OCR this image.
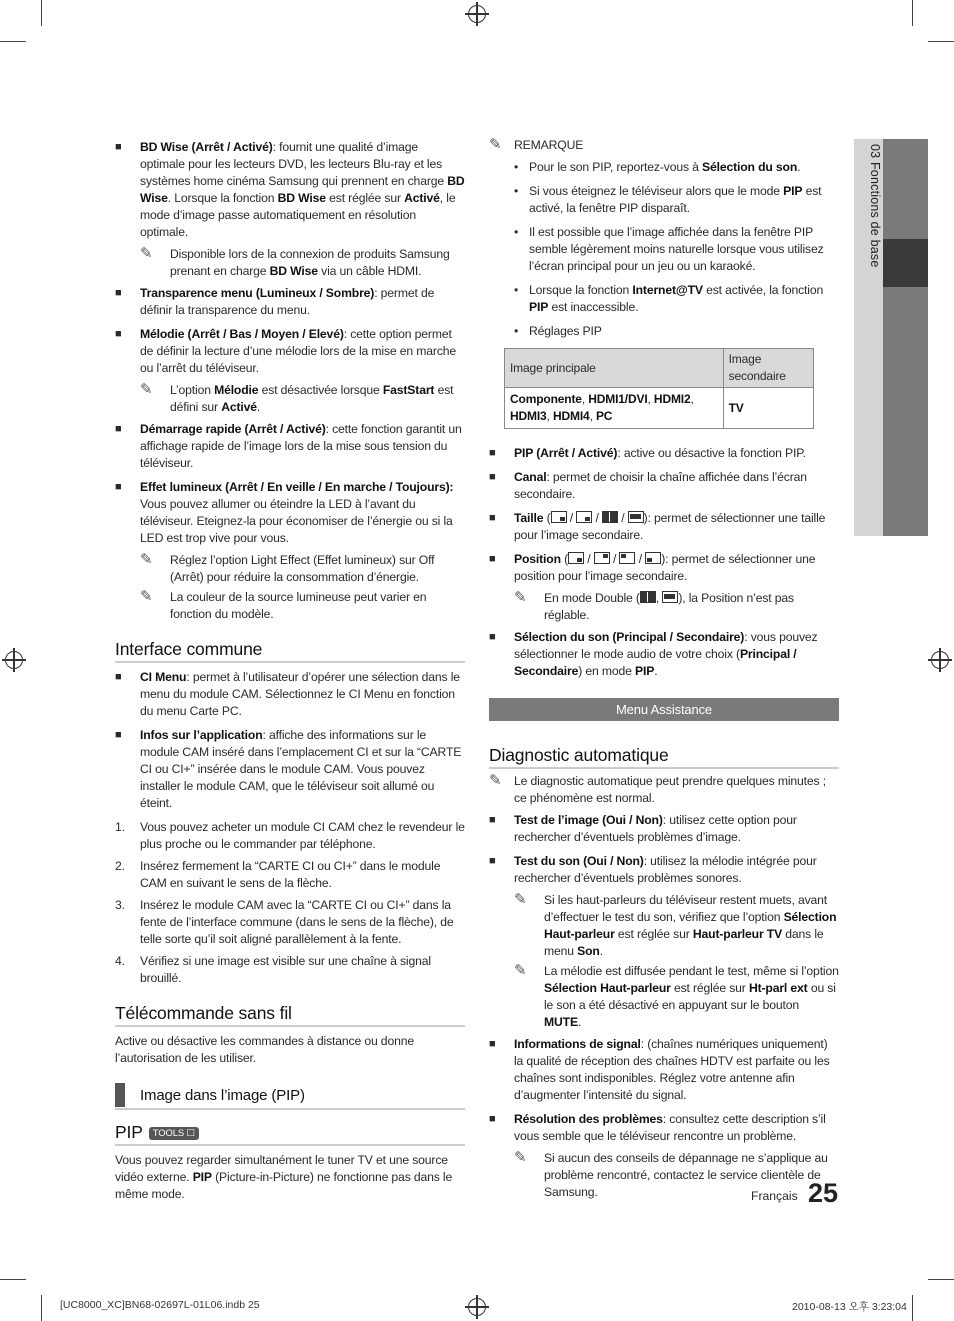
03 Fonctions de base
■ BD Wise (Arrêt / Activé): fournit une qualité d’image optimale pour les lecteurs DVD, les lecteurs Blu-ray et les systèmes home cinéma Samsung qui prennent en charge BD Wise. Lorsque la fonction BD Wise est réglée sur Activé, le mode d’image passe automatiquement en résolution optimale.
✎ Disponible lors de la connexion de produits Samsung prenant en charge BD Wise via un câble HDMI.
■ Transparence menu (Lumineux / Sombre): permet de définir la transparence du menu.
■ Mélodie (Arrêt / Bas / Moyen / Elevé): cette option permet de définir la lecture d’une mélodie lors de la mise en marche ou l’arrêt du téléviseur.
✎ L’option Mélodie est désactivée lorsque FastStart est défini sur Activé.
■ Démarrage rapide (Arrêt / Activé): cette fonction garantit un affichage rapide de l’image lors de la mise sous tension du téléviseur.
■ Effet lumineux (Arrêt / En veille / En marche / Toujours): Vous pouvez allumer ou éteindre la LED à l’avant du téléviseur. Eteignez-la pour économiser de l’énergie ou si la LED est trop vive pour vous.
✎ Réglez l’option Light Effect (Effet lumineux) sur Off (Arrêt) pour réduire la consommation d’énergie.
✎ La couleur de la source lumineuse peut varier en fonction du modèle.
Interface commune
■ CI Menu: permet à l’utilisateur d’opérer une sélection dans le menu du module CAM. Sélectionnez le CI Menu en fonction du menu Carte PC.
■ Infos sur l’application: affiche des informations sur le module CAM inséré dans l’emplacement CI et sur la “CARTE CI ou CI+” insérée dans le module CAM. Vous pouvez installer le module CAM, que le téléviseur soit allumé ou éteint.
1. Vous pouvez acheter un module CI CAM chez le revendeur le plus proche ou le commander par téléphone.
2. Insérez fermement la “CARTE CI ou CI+” dans le module CAM en suivant le sens de la flèche.
3. Insérez le module CAM avec la “CARTE CI ou CI+” dans la fente de l’interface commune (dans le sens de la flèche), de telle sorte qu’il soit aligné parallèlement à la fente.
4. Vérifiez si une image est visible sur une chaîne à signal brouillé.
Télécommande sans fil
Active ou désactive les commandes à distance ou donne l’autorisation de les utiliser.
Image dans l’image (PIP)
PIP TOOLS ☐
Vous pouvez regarder simultanément le tuner TV et une source vidéo externe. PIP (Picture-in-Picture) ne fonctionne pas dans le même mode.
✎ REMARQUE
• Pour le son PIP, reportez-vous à Sélection du son.
• Si vous éteignez le téléviseur alors que le mode PIP est activé, la fenêtre PIP disparaît.
• Il est possible que l’image affichée dans la fenêtre PIP semble légèrement moins naturelle lorsque vous utilisez l’écran principal pour un jeu ou un karaoké.
• Lorsque la fonction Internet@TV est activée, la fonction PIP est inaccessible.
• Réglages PIP
Image principale	Image secondaire
Componente, HDMI1/DVI, HDMI2, HDMI3, HDMI4, PC	TV
■ PIP (Arrêt / Activé): active ou désactive la fonction PIP.
■ Canal: permet de choisir la chaîne affichée dans l’écran secondaire.
■ Taille ( /  /  / ): permet de sélectionner une taille pour l’image secondaire.
■ Position ( /  /  / ): permet de sélectionner une position pour l’image secondaire.
✎ En mode Double ( , ), la Position n’est pas réglable.
■ Sélection du son (Principal / Secondaire): vous pouvez sélectionner le mode audio de votre choix (Principal / Secondaire) en mode PIP.
Menu Assistance
Diagnostic automatique
✎ Le diagnostic automatique peut prendre quelques minutes ; ce phénomène est normal.
■ Test de l’image (Oui / Non): utilisez cette option pour rechercher d’éventuels problèmes d’image.
■ Test du son (Oui / Non): utilisez la mélodie intégrée pour rechercher d’éventuels problèmes sonores.
✎ Si les haut-parleurs du téléviseur restent muets, avant d’effectuer le test du son, vérifiez que l’option Sélection Haut-parleur est réglée sur Haut-parleur TV dans le menu Son.
✎ La mélodie est diffusée pendant le test, même si l’option Sélection Haut-parleur est réglée sur Ht-parl ext ou si le son a été désactivé en appuyant sur le bouton MUTE.
■ Informations de signal: (chaînes numériques uniquement) la qualité de réception des chaînes HDTV est parfaite ou les chaînes sont indisponibles. Réglez votre antenne afin d’augmenter l’intensité du signal.
■ Résolution des problèmes: consultez cette description s’il vous semble que le téléviseur rencontre un problème.
✎ Si aucun des conseils de dépannage ne s’applique au problème rencontré, contactez le service clientèle de Samsung.	Français 25
[UC8000_XC]BN68-02697L-01L06.indb 25	2010-08-13 오후 3:23:04
